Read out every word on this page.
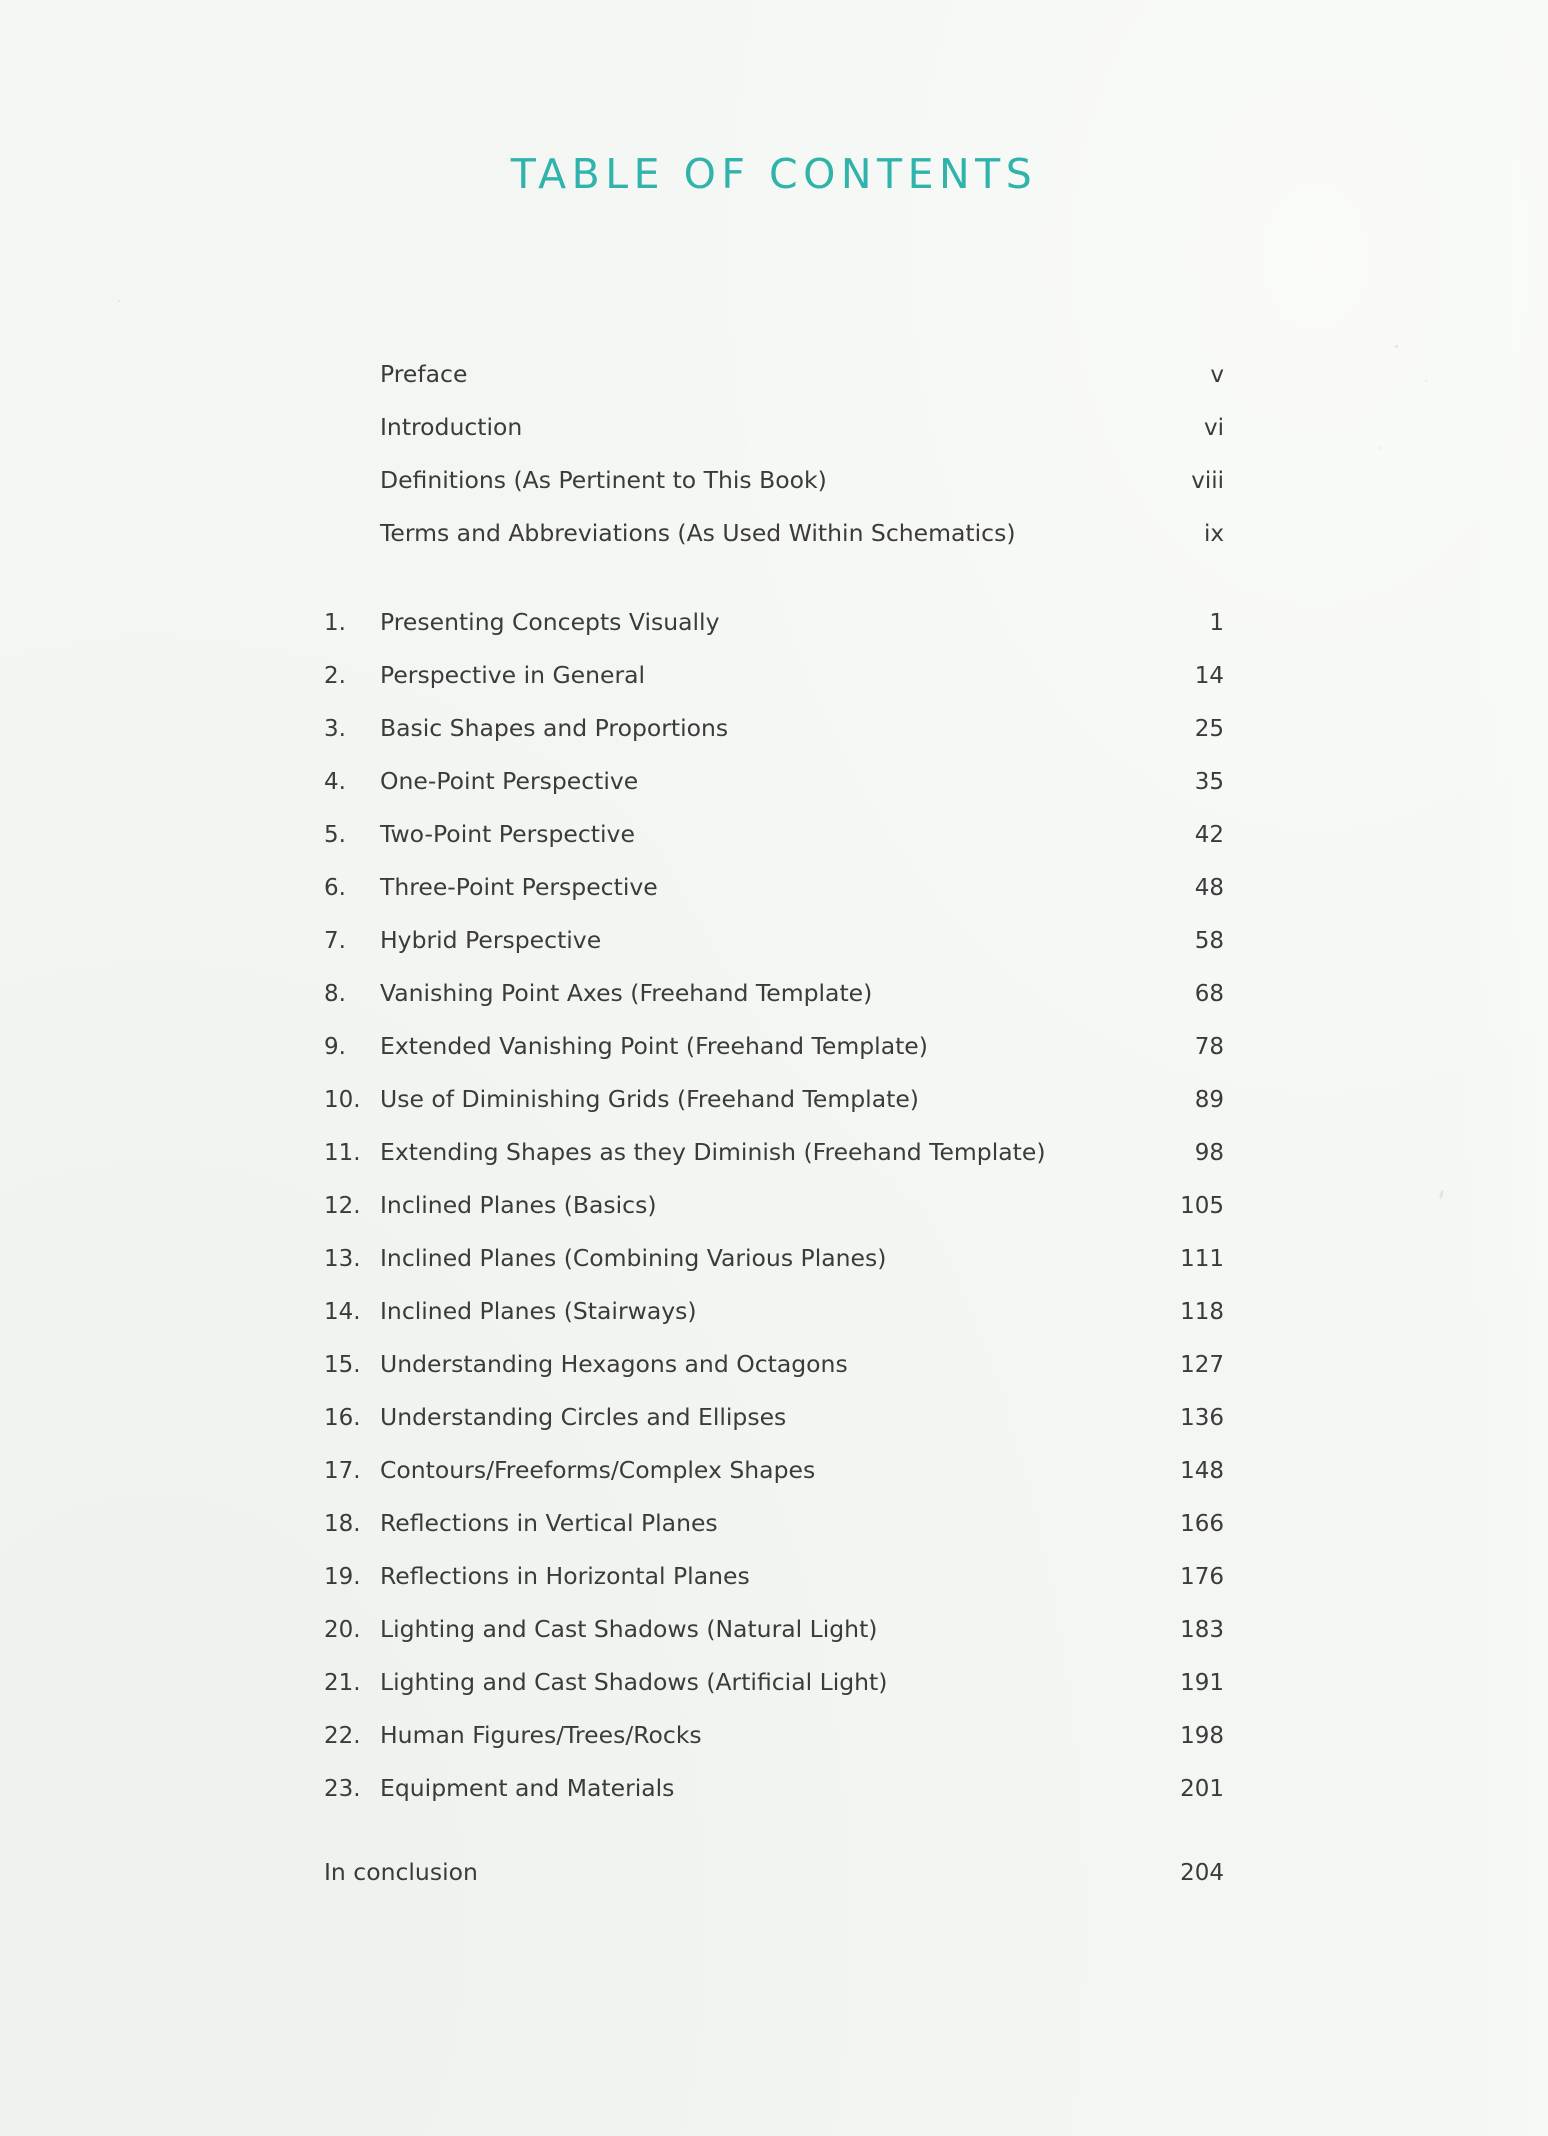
TABLE OF CONTENTS
Preface	v
Introduction	vi
Definitions (As Pertinent to This Book)	viii
Terms and Abbreviations (As Used Within Schematics)	ix
1.	Presenting Concepts Visually	1
2.	Perspective in General	14
3.	Basic Shapes and Proportions	25
4.	One-Point Perspective	35
5.	Two-Point Perspective	42
6.	Three-Point Perspective	48
7.	Hybrid Perspective	58
8.	Vanishing Point Axes (Freehand Template)	68
9.	Extended Vanishing Point (Freehand Template)	78
10. Use of Diminishing Grids (Freehand Template)	89
11. Extending Shapes as they Diminish (Freehand Template)	98
12. Inclined Planes (Basics)	105
13. Inclined Planes (Combining Various Planes)	111
14. Inclined Planes (Stairways)	118
15. Understanding Hexagons and Octagons	127
16. Understanding Circles and Ellipses	136
17. Contours/Freeforms/Complex Shapes	148
18. Reflections in Vertical Planes	166
19. Reflections in Horizontal Planes	176
20. Lighting and Cast Shadows (Natural Light)	183
21. Lighting and Cast Shadows (Artificial Light)	191
22. Human Figures/Trees/Rocks	198
23. Equipment and Materials	201
In conclusion	204
